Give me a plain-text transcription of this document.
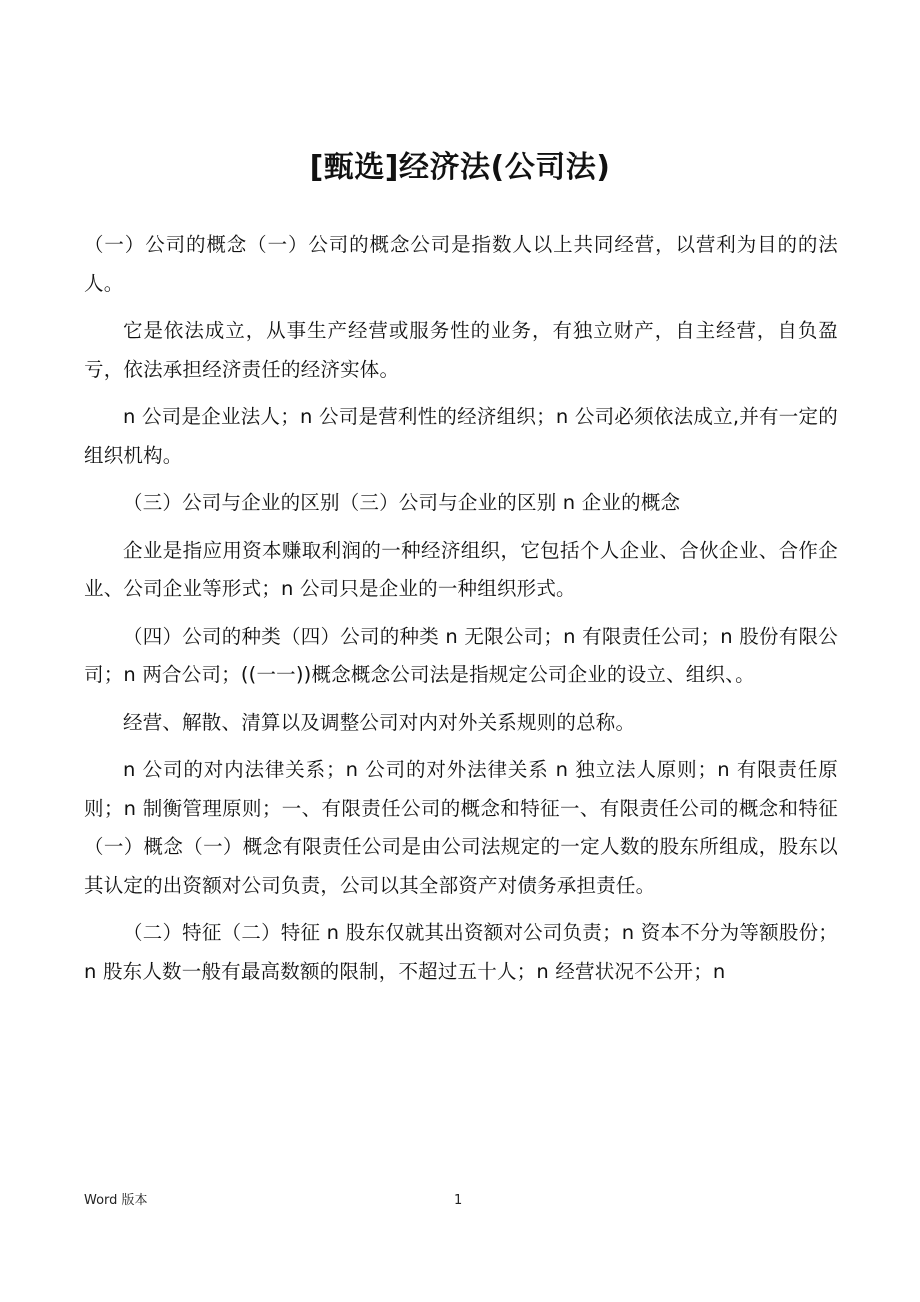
[甄选]经济法(公司法)

（一）公司的概念（一）公司的概念公司是指数人以上共同经营，以营利为目的的法人。

它是依法成立，从事生产经营或服务性的业务，有独立财产，自主经营，自负盈亏，依法承担经济责任的经济实体。

n 公司是企业法人；n 公司是营利性的经济组织；n 公司必须依法成立,并有一定的组织机构。

（三）公司与企业的区别（三）公司与企业的区别 n 企业的概念

企业是指应用资本赚取利润的一种经济组织，它包括个人企业、合伙企业、合作企业、公司企业等形式；n 公司只是企业的一种组织形式。

（四）公司的种类（四）公司的种类 n 无限公司；n 有限责任公司；n 股份有限公司；n 两合公司；((一一))概念概念公司法是指规定公司企业的设立、组织、。

经营、解散、清算以及调整公司对内对外关系规则的总称。

n 公司的对内法律关系；n 公司的对外法律关系 n 独立法人原则；n 有限责任原则；n 制衡管理原则；一、有限责任公司的概念和特征一、有限责任公司的概念和特征（一）概念（一）概念有限责任公司是由公司法规定的一定人数的股东所组成，股东以其认定的出资额对公司负责，公司以其全部资产对债务承担责任。

（二）特征（二）特征 n 股东仅就其出资额对公司负责；n 资本不分为等额股份；n 股东人数一般有最高数额的限制，不超过五十人；n 经营状况不公开；n

Word 版本	1
